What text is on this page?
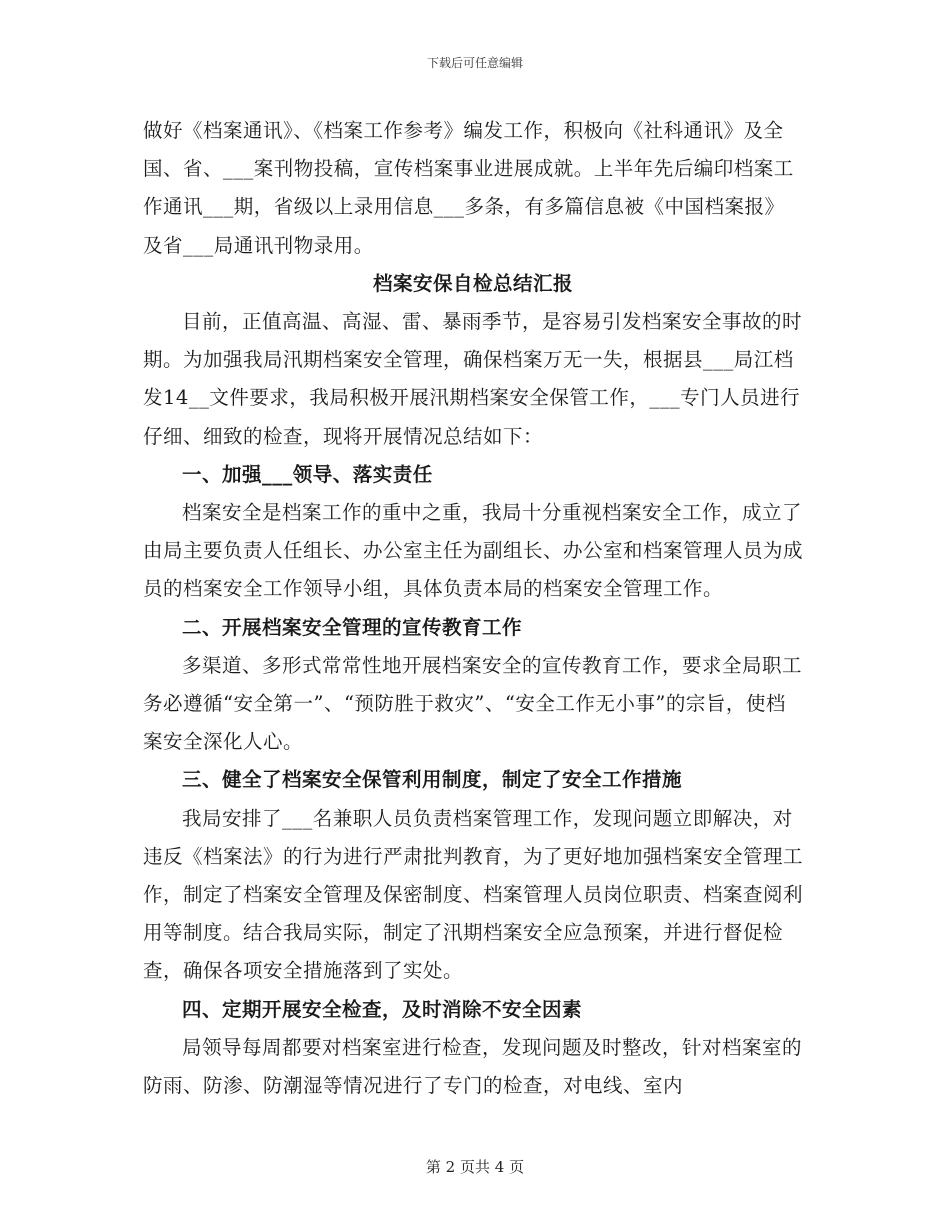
下载后可任意编辑

做好《档案通讯》、《档案工作参考》编发工作，积极向《社科通讯》及全国、省、___案刊物投稿，宣传档案事业进展成就。上半年先后编印档案工作通讯___期，省级以上录用信息___多条，有多篇信息被《中国档案报》及省___局通讯刊物录用。

档案安保自检总结汇报

目前，正值高温、高湿、雷、暴雨季节，是容易引发档案安全事故的时期。为加强我局汛期档案安全管理，确保档案万无一失，根据县___局江档发14__文件要求，我局积极开展汛期档案安全保管工作，___专门人员进行仔细、细致的检查，现将开展情况总结如下：

一、加强___领导、落实责任

档案安全是档案工作的重中之重，我局十分重视档案安全工作，成立了由局主要负责人任组长、办公室主任为副组长、办公室和档案管理人员为成员的档案安全工作领导小组，具体负责本局的档案安全管理工作。

二、开展档案安全管理的宣传教育工作

多渠道、多形式常常性地开展档案安全的宣传教育工作，要求全局职工务必遵循“安全第一”、“预防胜于救灾”、“安全工作无小事”的宗旨，使档案安全深化人心。

三、健全了档案安全保管利用制度，制定了安全工作措施

我局安排了___名兼职人员负责档案管理工作，发现问题立即解决，对违反《档案法》的行为进行严肃批判教育，为了更好地加强档案安全管理工作，制定了档案安全管理及保密制度、档案管理人员岗位职责、档案查阅利用等制度。结合我局实际，制定了汛期档案安全应急预案，并进行督促检查，确保各项安全措施落到了实处。

四、定期开展安全检查，及时消除不安全因素

局领导每周都要对档案室进行检查，发现问题及时整改，针对档案室的防雨、防渗、防潮湿等情况进行了专门的检查，对电线、室内

第 2 页共 4 页
